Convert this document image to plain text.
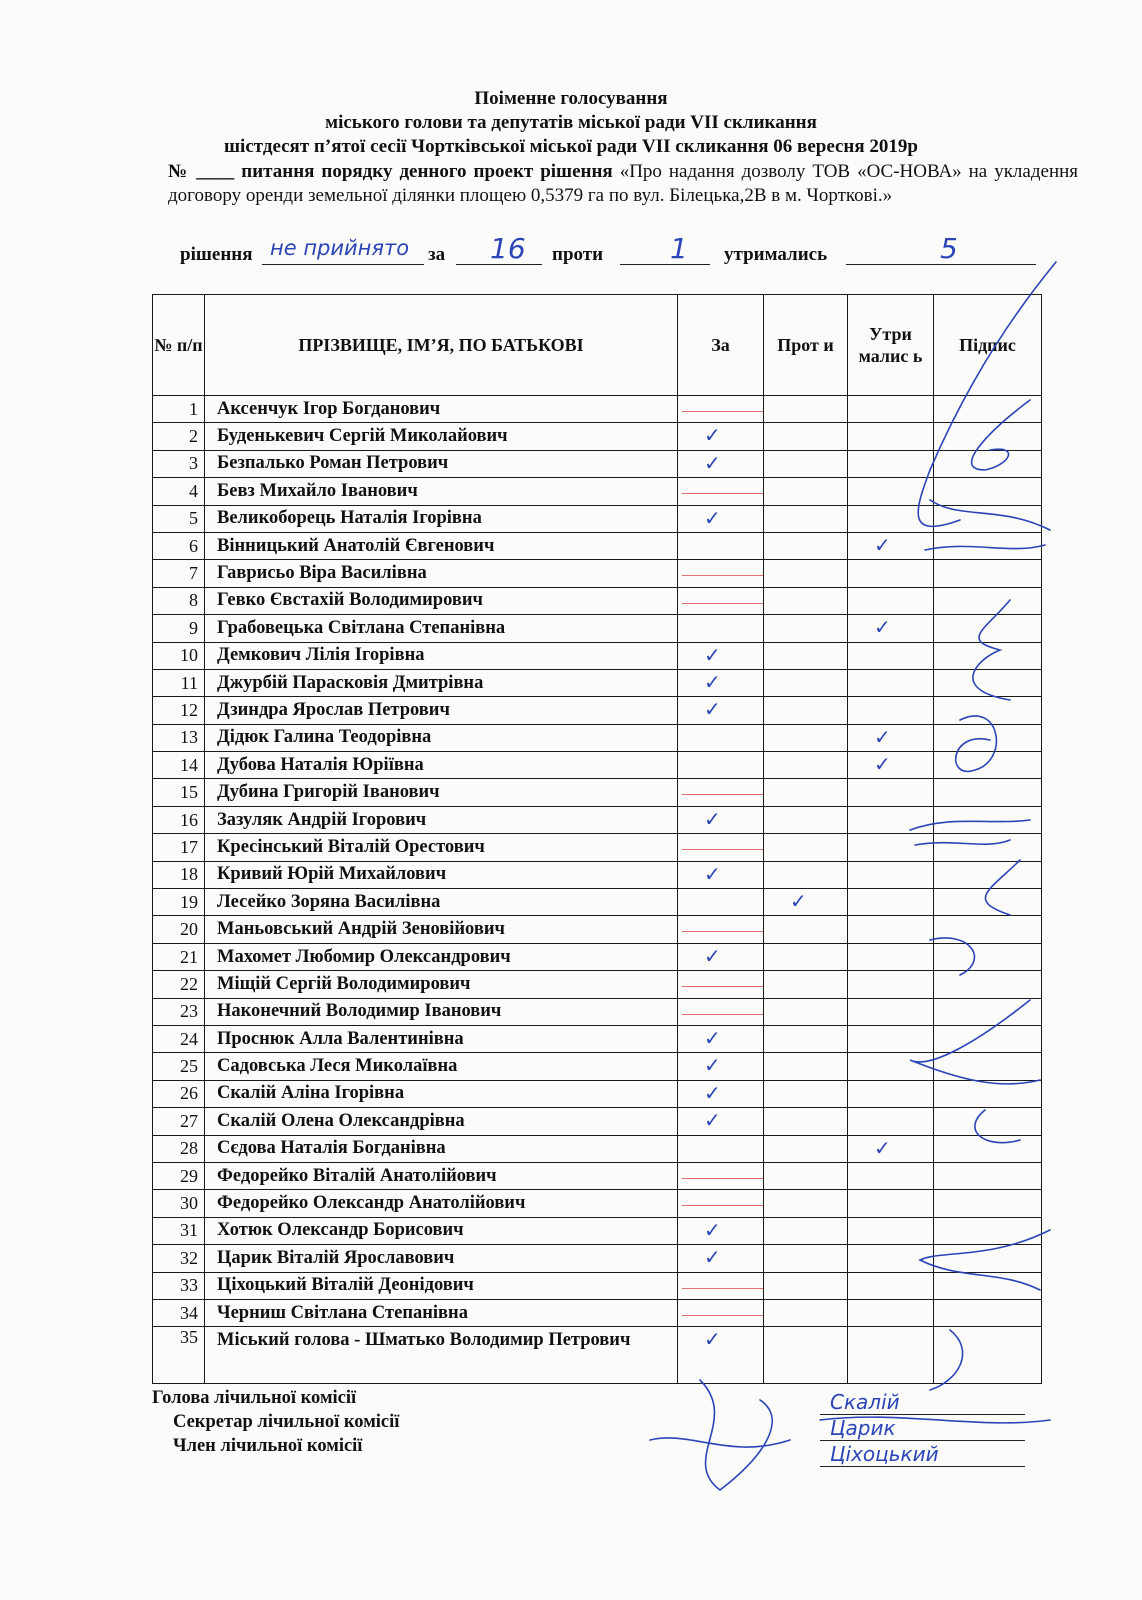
Поіменне голосування
міського голови та депутатів міської ради VII скликання
шістдесят п’ятої сесії Чортківської міської ради VII скликання 06 вересня 2019р
№ ____ питання порядку денного проект рішення «Про надання дозволу ТОВ «ОС-НОВА» на укладення договору оренди земельної ділянки площею 0,5379 га по вул. Білецька,2В в м. Чорткові.»
рішення не прийнято за 16 проти 1 утримались	5
№ п/п	ПРІЗВИЩЕ, ІМ’Я, ПО БАТЬКОВІ	За	Прот и	Утри малис ь	Підпис
1	Аксенчук Ігор Богданович	

2	Буденькевич Сергій Миколайович	✓			

3	Безпалько Роман Петрович	✓			

4	Бевз Михайло Іванович	

5	Великоборець Наталія Ігорівна	✓			

6	Вінницький Анатолій Євгенович			✓	

7	Гаврисьо Віра Василівна	

8	Гевко Євстахій Володимирович	

9	Грабовецька Світлана Степанівна			✓	

10	Демкович Лілія Ігорівна	✓			

11	Джурбій Парасковія Дмитрівна	✓			

12	Дзиндра Ярослав Петрович	✓			

13	Дідюк Галина Теодорівна			✓	

14	Дубова Наталія Юріївна			✓	

15	Дубина Григорій Іванович	

16	Зазуляк Андрій Ігорович	✓			

17	Кресінський Віталій Орестович	

18	Кривий Юрій Михайлович	✓			

19	Лесейко Зоряна Василівна		✓		

20	Маньовський Андрій Зеновійович	

21	Махомет Любомир Олександрович	✓			

22	Міщій Сергій Володимирович	

23	Наконечний Володимир Іванович	

24	Проснюк Алла Валентинівна	✓			

25	Садовська Леся Миколаївна	✓			

26	Скалій Аліна Ігорівна	✓			

27	Скалій Олена Олександрівна	✓			

28	Сєдова Наталія Богданівна			✓	

29	Федорейко Віталій Анатолійович	

30	Федорейко Олександр Анатолійович	

31	Хотюк Олександр Борисович	✓			

32	Царик Віталій Ярославович	✓			

33	Ціхоцький Віталій Деонідович	

34	Черниш Світлана Степанівна	

35	Міський голова - Шматько Володимир Петрович	✓			

Голова лічильної комісії
Секретар лічильної комісії
Член лічильної комісії
Скалій
Царик
Ціхоцький
